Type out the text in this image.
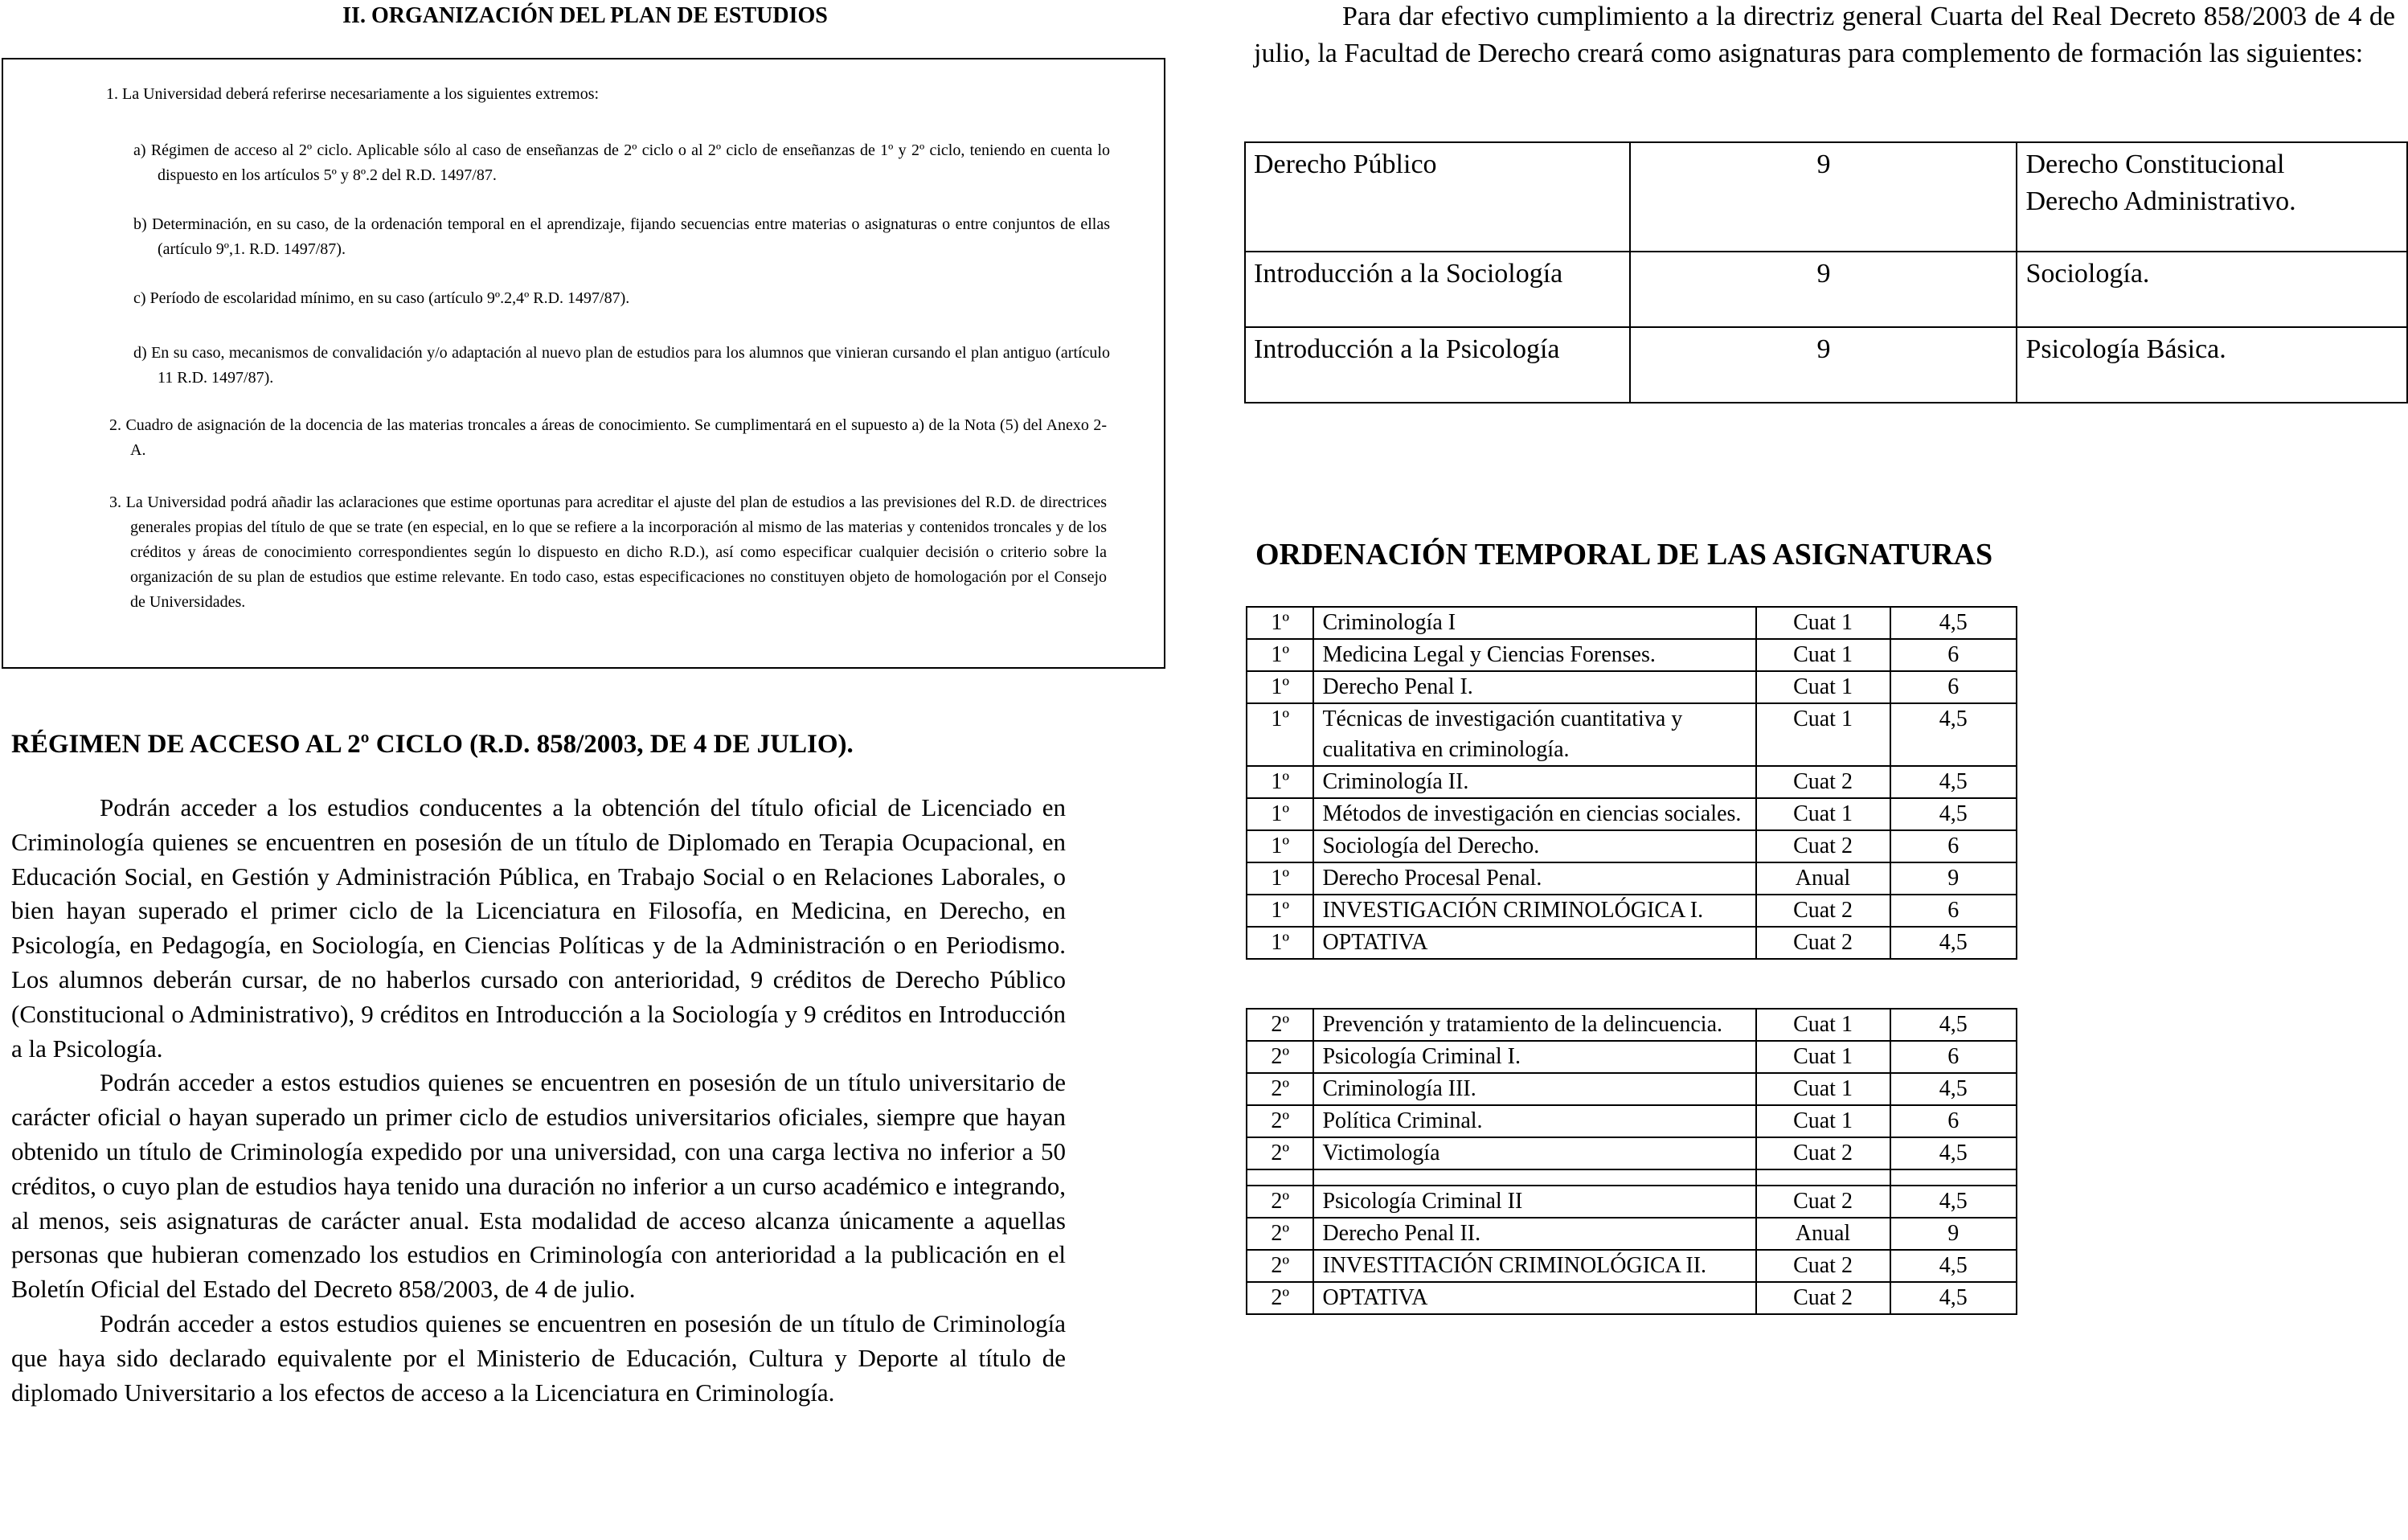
II. ORGANIZACIÓN DEL PLAN DE ESTUDIOS
1. La Universidad deberá referirse necesariamente a los siguientes extremos:
a) Régimen de acceso al 2º ciclo. Aplicable sólo al caso de enseñanzas de 2º ciclo o al 2º ciclo de enseñanzas de 1º y 2º ciclo, teniendo en cuenta lo dispuesto en los artículos 5º y 8º.2 del R.D. 1497/87.
b) Determinación, en su caso, de la ordenación temporal en el aprendizaje, fijando secuencias entre materias o asignaturas o entre conjuntos de ellas (artículo 9º,1. R.D. 1497/87).
c) Período de escolaridad mínimo, en su caso (artículo 9º.2,4º R.D. 1497/87).
d) En su caso, mecanismos de convalidación y/o adaptación al nuevo plan de estudios para los alumnos que vinieran cursando el plan antiguo (artículo 11 R.D. 1497/87).
2. Cuadro de asignación de la docencia de las materias troncales a áreas de conocimiento. Se cumplimentará en el supuesto a) de la Nota (5) del Anexo 2-A.
3. La Universidad podrá añadir las aclaraciones que estime oportunas para acreditar el ajuste del plan de estudios a las previsiones del R.D. de directrices generales propias del título de que se trate (en especial, en lo que se refiere a la incorporación al mismo de las materias y contenidos troncales y de los créditos y áreas de conocimiento correspondientes según lo dispuesto en dicho R.D.), así como especificar cualquier decisión o criterio sobre la organización de su plan de estudios que estime relevante. En todo caso, estas especificaciones no constituyen objeto de homologación por el Consejo de Universidades.
RÉGIMEN DE ACCESO AL 2º CICLO (R.D. 858/2003, DE 4 DE JULIO).

Podrán acceder a los estudios conducentes a la obtención del título oficial de Licenciado en Criminología quienes se encuentren en posesión de un título de Diplomado en Terapia Ocupacional, en Educación Social, en Gestión y Administración Pública, en Trabajo Social o en Relaciones Laborales, o bien hayan superado el primer ciclo de la Licenciatura en Filosofía, en Medicina, en Derecho, en Psicología, en Pedagogía, en Sociología, en Ciencias Políticas y de la Administración o en Periodismo. Los alumnos deberán cursar, de no haberlos cursado con anterioridad, 9 créditos de Derecho Público (Constitucional o Administrativo), 9 créditos en Introducción a la Sociología y 9 créditos en Introducción a la Psicología.

Podrán acceder a estos estudios quienes se encuentren en posesión de un título universitario de carácter oficial o hayan superado un primer ciclo de estudios universitarios oficiales, siempre que hayan obtenido un título de Criminología expedido por una universidad, con una carga lectiva no inferior a 50 créditos, o cuyo plan de estudios haya tenido una duración no inferior a un curso académico e integrando, al menos, seis asignaturas de carácter anual. Esta modalidad de acceso alcanza únicamente a aquellas personas que hubieran comenzado los estudios en Criminología con anterioridad a la publicación en el Boletín Oficial del Estado del Decreto 858/2003, de 4 de julio.

Podrán acceder a estos estudios quienes se encuentren en posesión de un título de Criminología que haya sido declarado equivalente por el Ministerio de Educación, Cultura y Deporte al título de diplomado Universitario a los efectos de acceso a la Licenciatura en Criminología.

Para dar efectivo cumplimiento a la directriz general Cuarta del Real Decreto 858/2003 de 4 de julio, la Facultad de Derecho creará como asignaturas para complemento de formación las siguientes:

Derecho Público	9	Derecho Constitucional
Derecho Administrativo.
Introducción a la Sociología	9	Sociología.
Introducción a la Psicología	9	Psicología Básica.
ORDENACIÓN TEMPORAL DE LAS ASIGNATURAS
1º	Criminología I	Cuat 1	4,5
1º	Medicina Legal y Ciencias Forenses.	Cuat 1	6
1º	Derecho Penal I.	Cuat 1	6
1º	Técnicas de investigación cuantitativa y
cualitativa en criminología.	Cuat 1	4,5
1º	Criminología II.	Cuat 2	4,5
1º	Métodos de investigación en ciencias sociales.	Cuat 1	4,5
1º	Sociología del Derecho.	Cuat 2	6
1º	Derecho Procesal Penal.	Anual	9
1º	INVESTIGACIÓN CRIMINOLÓGICA I.	Cuat 2	6
1º	OPTATIVA	Cuat 2	4,5
2º	Prevención y tratamiento de la delincuencia.	Cuat 1	4,5
2º	Psicología Criminal I.	Cuat 1	6
2º	Criminología III.	Cuat 1	4,5
2º	Política Criminal.	Cuat 1	6
2º	Victimología	Cuat 2	4,5

2º	Psicología Criminal II	Cuat 2	4,5
2º	Derecho Penal II.	Anual	9
2º	INVESTITACIÓN CRIMINOLÓGICA II.	Cuat 2	4,5
2º	OPTATIVA	Cuat 2	4,5
